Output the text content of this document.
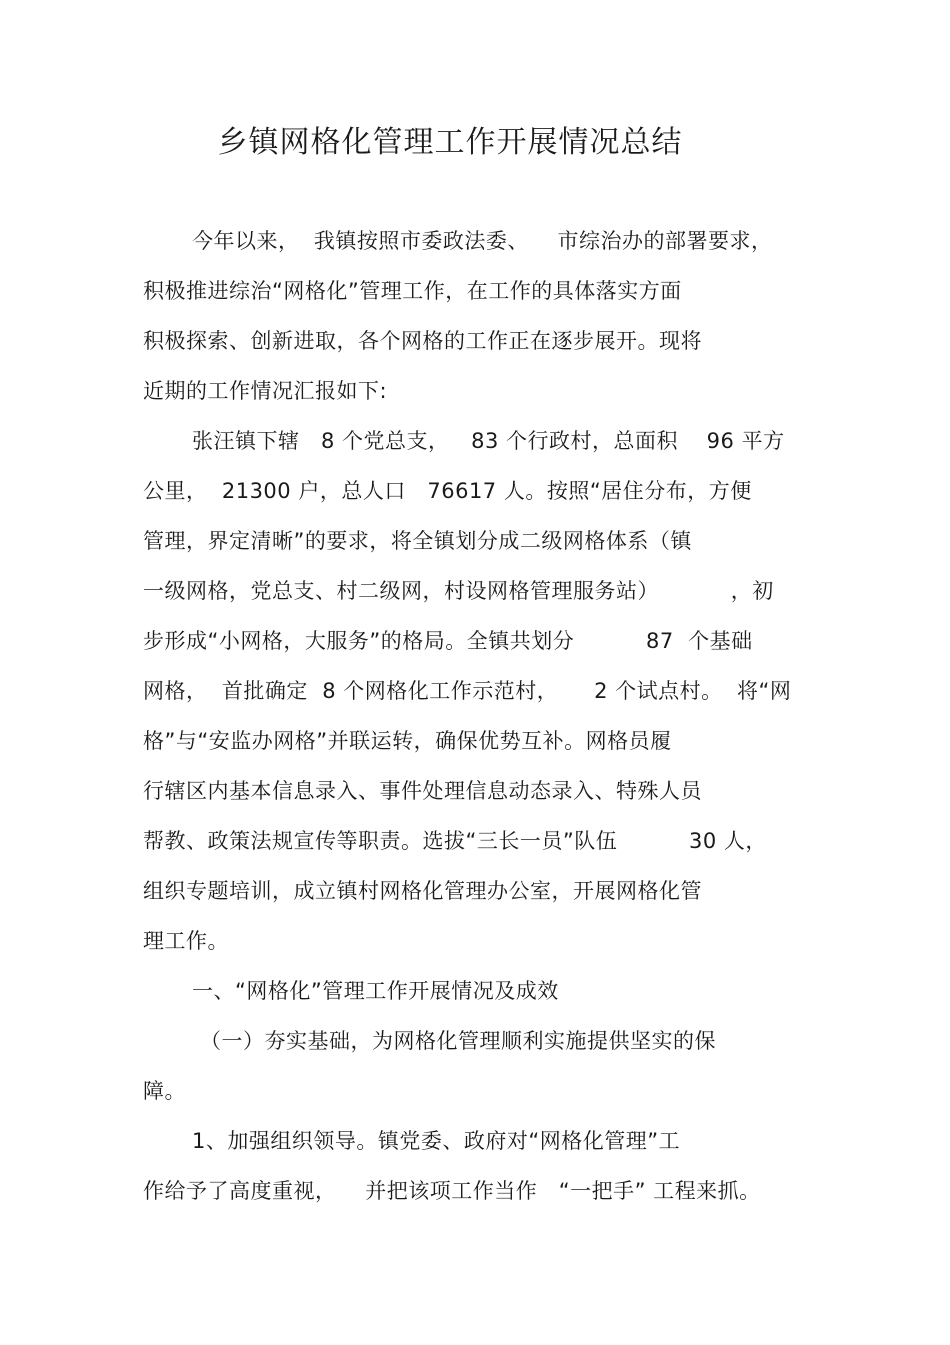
乡镇网格化管理工作开展情况总结
今年以来，  我镇按照市委政法委、    市综治办的部署要求，
积极推进综治“网格化”管理工作，在工作的具体落实方面
积极探索、创新进取，各个网格的工作正在逐步展开。现将
近期的工作情况汇报如下:
张汪镇下辖   8 个党总支，   83 个行政村，总面积    96 平方
公里，  21300 户，总人口   76617 人。按照“居住分布，方便
管理，界定清晰”的要求，将全镇划分成二级网格体系（镇
一级网格，党总支、村二级网，村设网格管理服务站）          ，初
步形成“小网格，大服务”的格局。全镇共划分          87  个基础
网格，  首批确定  8 个网格化工作示范村，     2 个试点村。  将“网
格”与“安监办网格”并联运转，确保优势互补。网格员履
行辖区内基本信息录入、事件处理信息动态录入、特殊人员
帮教、政策法规宣传等职责。选拔“三长一员”队伍          30 人，
组织专题培训，成立镇村网格化管理办公室，开展网格化管
理工作。
一、“网格化”管理工作开展情况及成效
（一）夯实基础，为网格化管理顺利实施提供坚实的保
障。
1、加强组织领导。镇党委、政府对“网格化管理”工
作给予了高度重视，    并把该项工作当作   “一把手” 工程来抓。
